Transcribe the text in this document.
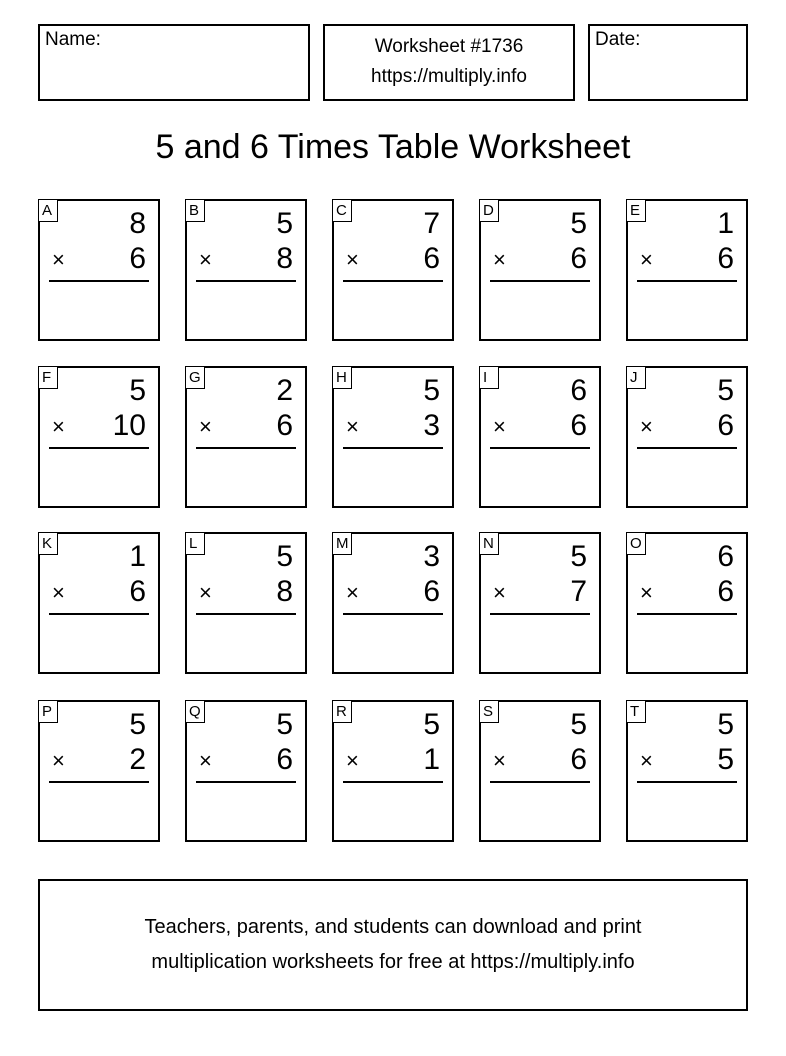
Name:	Worksheet #1736
https://multiply.info
Date:
5 and 6 Times Table Worksheet
A	8
× 6
B	5
× 8
C	7
× 6
D	5
× 6
E	1
× 6
F	5
× 10
G	2
× 6
H	5
× 3
I	6
× 6
J	5
× 6
K	1
× 6
L	5
× 8
M 3
× 6
N	5
× 7
O	6
× 6
P	5
× 2
Q	5
× 6
R	5
× 1
S	5
× 6
T	5
× 5
Teachers, parents, and students can download and print
multiplication worksheets for free at https://multiply.info
